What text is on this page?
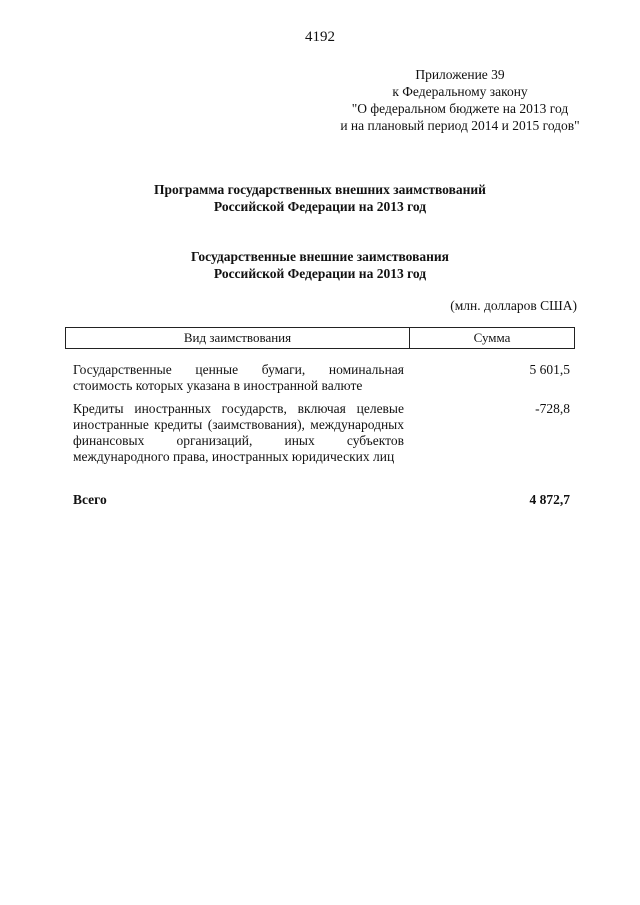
4192
Приложение 39
к Федеральному закону
"О федеральном бюджете на 2013 год
и на плановый период 2014 и 2015 годов"
Программа государственных внешних заимствований
Российской Федерации на 2013 год
Государственные внешние заимствования
Российской Федерации на 2013 год
(млн. долларов США)
Вид заимствования	Сумма
Государственные ценные бумаги, номинальная стоимость которых указана в иностранной валюте
5 601,5
Кредиты иностранных государств, включая целевые иностранные кредиты (заимствования), международных финансовых организаций, иных субъектов международного права, иностранных юридических лиц
-728,8
Всего	4 872,7
